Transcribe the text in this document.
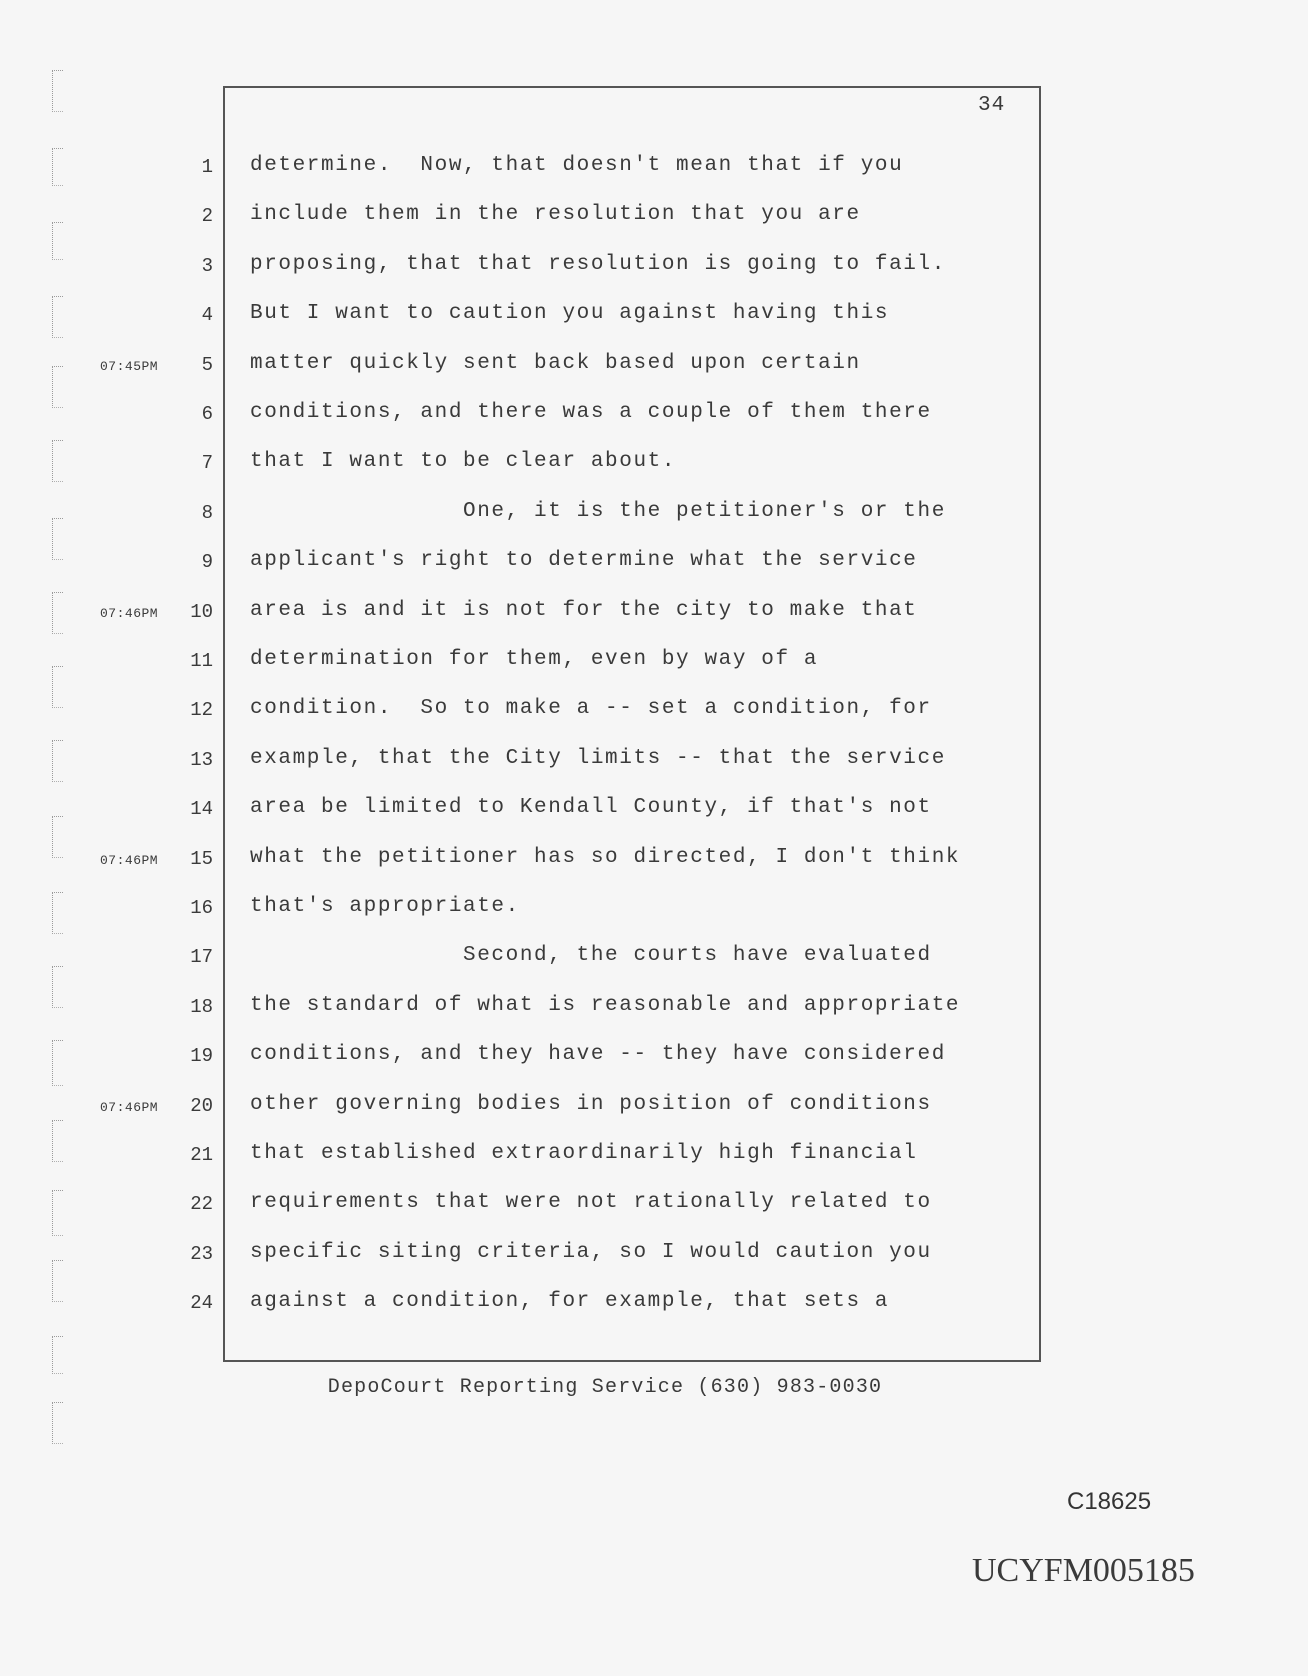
34
1 determine.  Now, that doesn't mean that if you
2 include them in the resolution that you are
3 proposing, that that resolution is going to fail.
4 But I want to caution you against having this
5
07:45PM	matter quickly sent back based upon certain
6 conditions, and there was a couple of them there
7 that I want to be clear about.
8 One, it is the petitioner's or the
9 applicant's right to determine what the service
10
07:46PM	area is and it is not for the city to make that
11 determination for them, even by way of a
12 condition.  So to make a -- set a condition, for
13 example, that the City limits -- that the service
14 area be limited to Kendall County, if that's not
15
07:46PM	what the petitioner has so directed, I don't think
16 that's appropriate.
17 Second, the courts have evaluated
18 the standard of what is reasonable and appropriate
19 conditions, and they have -- they have considered
20
07:46PM	other governing bodies in position of conditions
21 that established extraordinarily high financial
22 requirements that were not rationally related to
23 specific siting criteria, so I would caution you
24 against a condition, for example, that sets a
DepoCourt Reporting Service (630) 983-0030
C18625
UCYFM005185
